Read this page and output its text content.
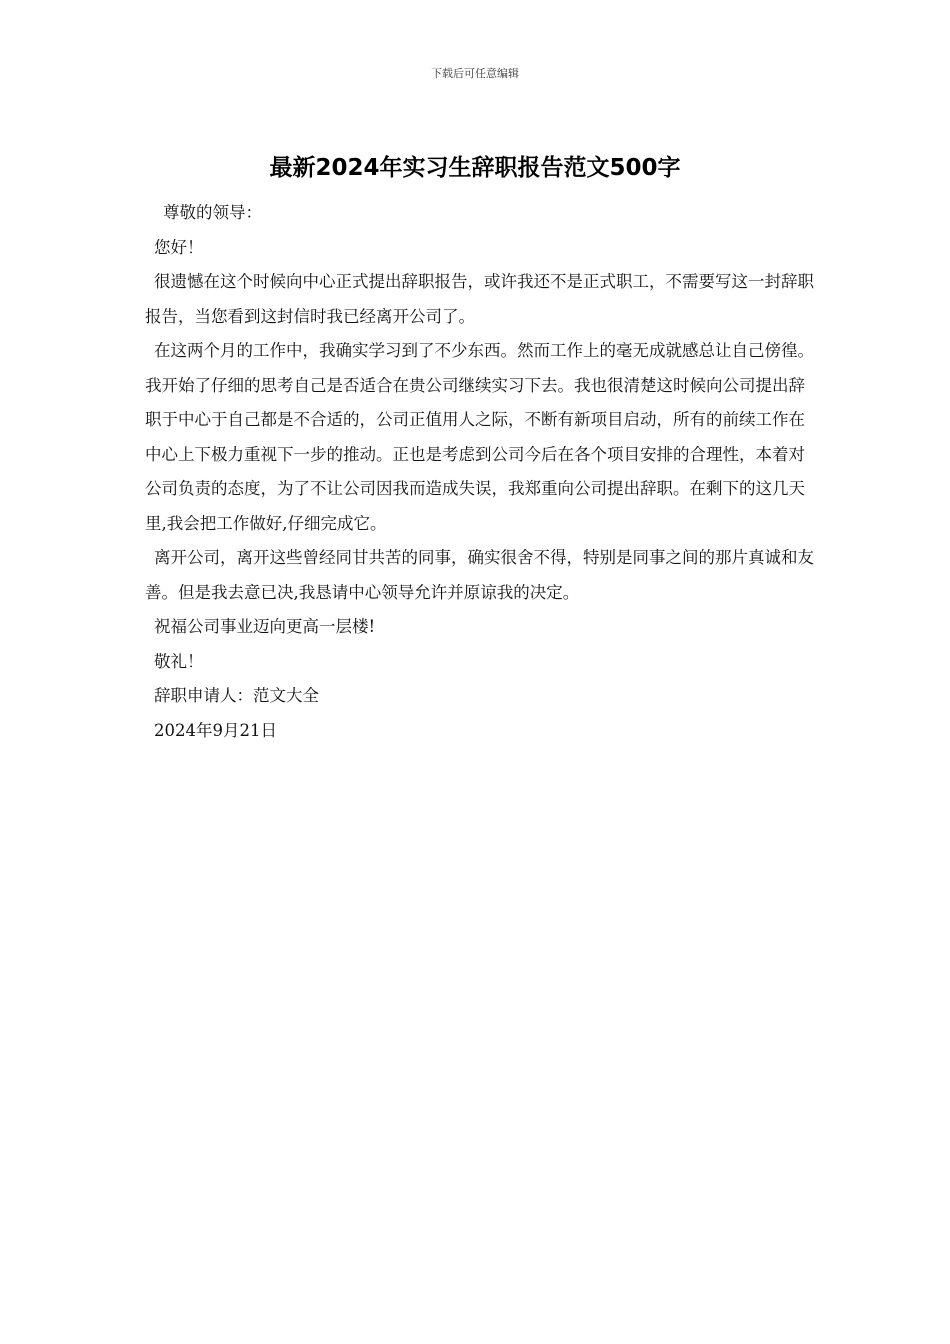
下载后可任意编辑
最新2024年实习生辞职报告范文500字

尊敬的领导：

您好！

很遗憾在这个时候向中心正式提出辞职报告，或许我还不是正式职工，不需要写这一封辞职报告，当您看到这封信时我已经离开公司了。

在这两个月的工作中，我确实学习到了不少东西。然而工作上的毫无成就感总让自己傍徨。我开始了仔细的思考自己是否适合在贵公司继续实习下去。我也很清楚这时候向公司提出辞职于中心于自己都是不合适的，公司正值用人之际，不断有新项目启动，所有的前续工作在中心上下极力重视下一步的推动。正也是考虑到公司今后在各个项目安排的合理性，本着对公司负责的态度，为了不让公司因我而造成失误，我郑重向公司提出辞职。在剩下的这几天里,我会把工作做好,仔细完成它。

离开公司，离开这些曾经同甘共苦的同事，确实很舍不得，特别是同事之间的那片真诚和友善。但是我去意已决,我恳请中心领导允许并原谅我的决定。

祝福公司事业迈向更高一层楼!

敬礼！

辞职申请人：范文大全

2024年9月21日
